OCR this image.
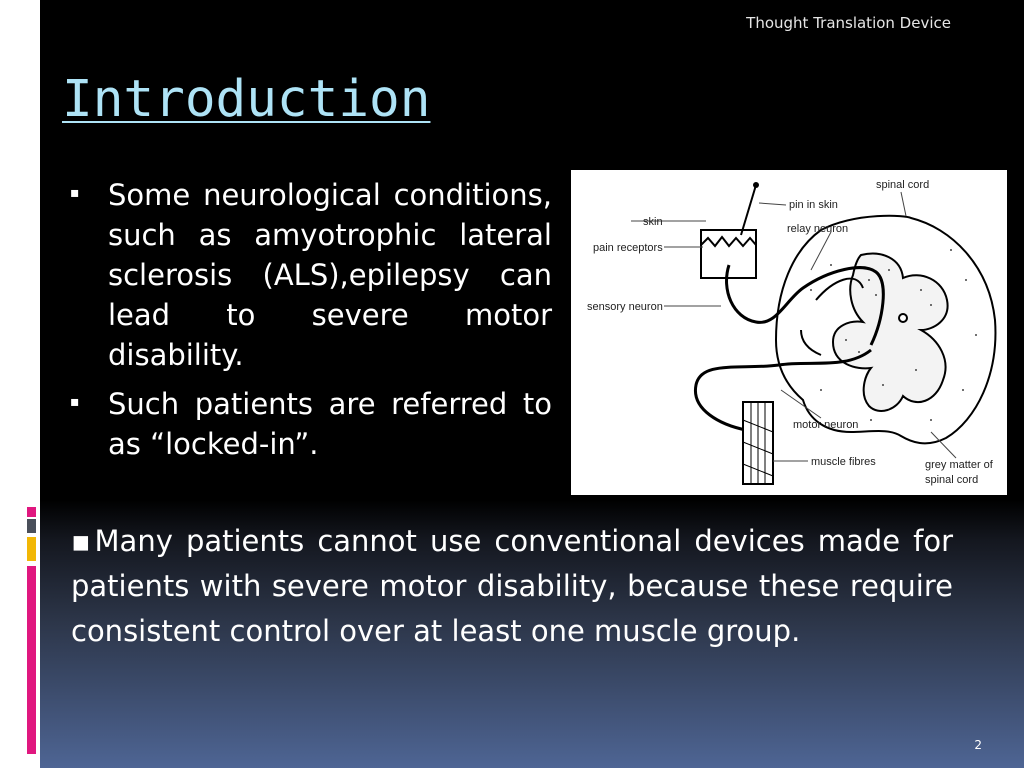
Thought Translation Device
Introduction
▪ Some neurological conditions, such as amyotrophic lateral sclerosis (ALS),epilepsy can lead to severe motor disability.
▪ Such patients are referred to as “locked-in”.
spinal cord
pin in skin
skin
relay neuron
pain receptors
sensory neuron
motor neuron
muscle fibres	grey matter of
spinal cord

▪Many patients cannot use conventional devices made for patients with severe motor disability, because these require consistent control over at least one muscle group.

2
